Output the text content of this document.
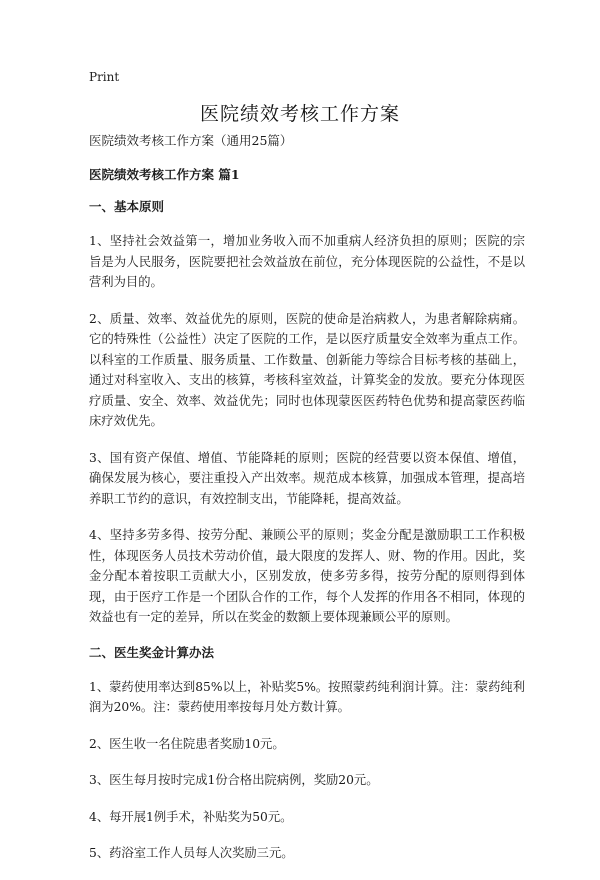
Print
医院绩效考核工作方案
医院绩效考核工作方案（通用25篇）
医院绩效考核工作方案 篇1
一、基本原则

1、坚持社会效益第一，增加业务收入而不加重病人经济负担的原则；医院的宗旨是为人民服务，医院要把社会效益放在前位，充分体现医院的公益性，不是以营利为目的。

2、质量、效率、效益优先的原则，医院的使命是治病救人，为患者解除病痛。它的特殊性（公益性）决定了医院的工作，是以医疗质量安全效率为重点工作。以科室的工作质量、服务质量、工作数量、创新能力等综合目标考核的基础上，通过对科室收入、支出的核算，考核科室效益，计算奖金的发放。要充分体现医疗质量、安全、效率、效益优先；同时也体现蒙医医药特色优势和提高蒙医药临床疗效优先。

3、国有资产保值、增值、节能降耗的原则；医院的经营要以资本保值、增值，确保发展为核心，要注重投入产出效率。规范成本核算，加强成本管理，提高培养职工节约的意识，有效控制支出，节能降耗，提高效益。

4、坚持多劳多得、按劳分配、兼顾公平的原则；奖金分配是激励职工工作积极性，体现医务人员技术劳动价值，最大限度的发挥人、财、物的作用。因此，奖金分配本着按职工贡献大小，区别发放，使多劳多得，按劳分配的原则得到体现，由于医疗工作是一个团队合作的工作，每个人发挥的作用各不相同，体现的效益也有一定的差异，所以在奖金的数额上要体现兼顾公平的原则。

二、医生奖金计算办法

1、蒙药使用率达到85%以上，补贴奖5%。按照蒙药纯利润计算。注：蒙药纯利润为20%。注：蒙药使用率按每月处方数计算。

2、医生收一名住院患者奖励10元。

3、医生每月按时完成1份合格出院病例，奖励20元。

4、每开展1例手术，补贴奖为50元。

5、药浴室工作人员每人次奖励三元。
